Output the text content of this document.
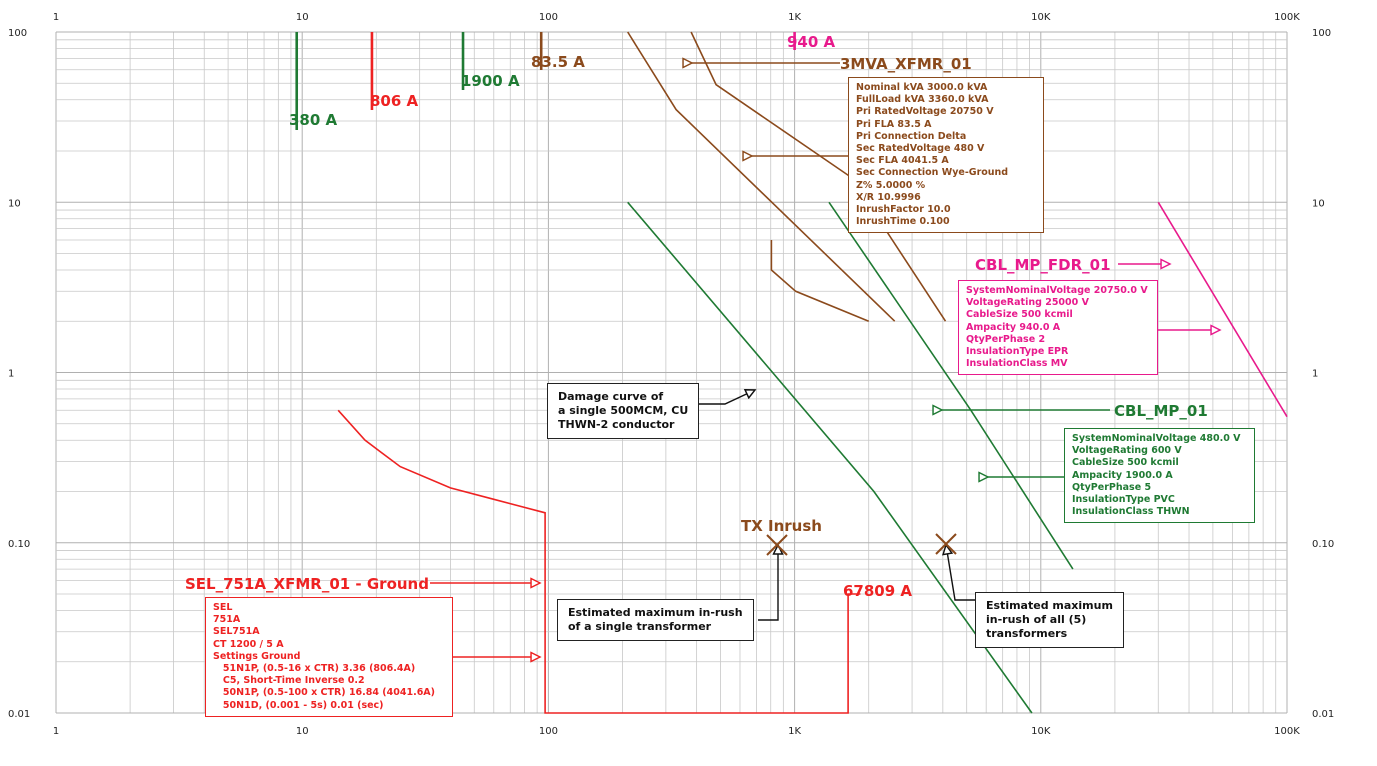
1
1
10
10
100
100
1K
1K
10K
10K
100K
100K
100	100
10	10
1	1
0.10	0.10
0.01	0.01
3MVA_XFMR_01
CBL_MP_FDR_01
CBL_MP_01
SEL_751A_XFMR_01 - Ground
TX Inrush
380 A
806 A
1900 A
83.5 A
940 A
67809 A
Nominal kVA 3000.0 kVA
FullLoad kVA 3360.0 kVA
Pri RatedVoltage 20750 V
Pri FLA 83.5 A
Pri Connection Delta
Sec RatedVoltage 480 V
Sec FLA 4041.5 A
Sec Connection Wye-Ground
Z% 5.0000 %
X/R 10.9996
InrushFactor 10.0
InrushTime 0.100
SystemNominalVoltage 20750.0 V
VoltageRating 25000 V
CableSize 500 kcmil
Ampacity 940.0 A
QtyPerPhase 2
InsulationType EPR
InsulationClass MV
SystemNominalVoltage 480.0 V
VoltageRating 600 V
CableSize 500 kcmil
Ampacity 1900.0 A
QtyPerPhase 5
InsulationType PVC
InsulationClass THWN
SEL
751A
SEL751A
CT 1200 / 5 A
Settings Ground
51N1P, (0.5-16 x CTR) 3.36 (806.4A)
C5, Short-Time Inverse 0.2
50N1P, (0.5-100 x CTR) 16.84 (4041.6A)
50N1D, (0.001 - 5s) 0.01 (sec)
Damage curve of
a single 500MCM, CU
THWN-2 conductor
Estimated maximum in-rush
of a single transformer
Estimated maximum
in-rush of all (5)
transformers
